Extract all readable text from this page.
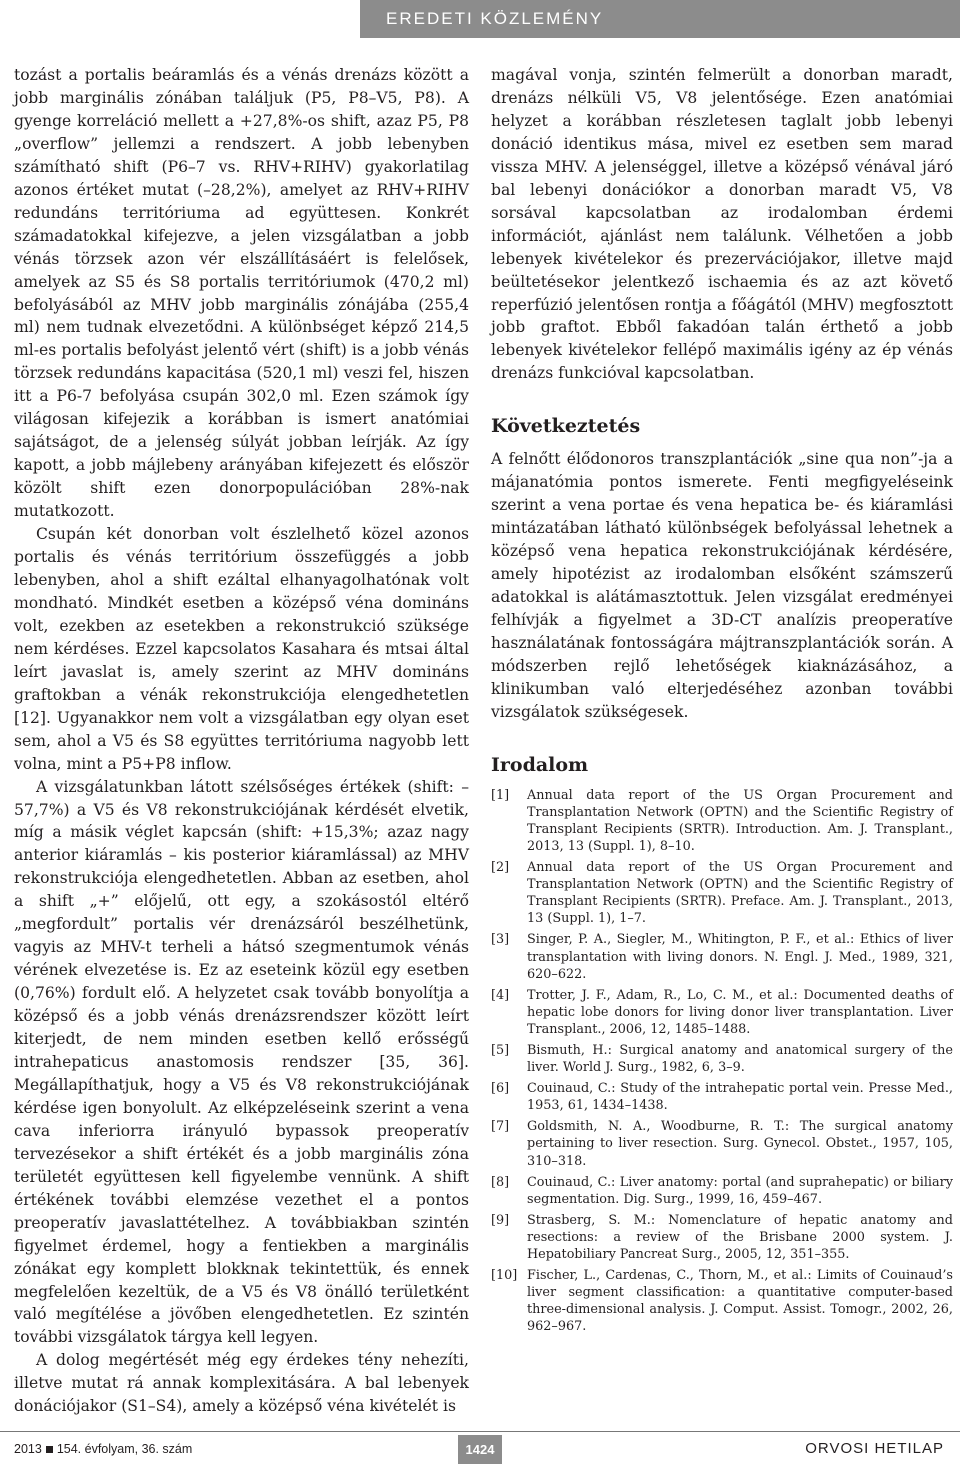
EREDETI KÖZLEMÉNY

tozást a portalis beáramlás és a vénás drenázs között a jobb marginális zónában találjuk (P5, P8–V5, P8). A gyenge korreláció mellett a +27,8%-os shift, azaz P5, P8 „overflow” jellemzi a rendszert. A jobb lebenyben számítható shift (P6–7 vs. RHV+RIHV) gyakorlatilag azonos értéket mutat (–28,2%), amelyet az RHV+RIHV redundáns territóriuma ad együttesen. Konkrét számadatokkal kifejezve, a jelen vizsgálatban a jobb vénás törzsek azon vér elszállításáért is felelősek, amelyek az S5 és S8 portalis territóriumok (470,2 ml) befolyásából az MHV jobb marginális zónájába (255,4 ml) nem tudnak elvezetődni. A különbséget képző 214,5 ml-es portalis befolyást jelentő vért (shift) is a jobb vénás törzsek redundáns kapacitása (520,1 ml) veszi fel, hiszen itt a P6-7 befolyása csupán 302,0 ml. Ezen számok így világosan kifejezik a korábban is ismert anatómiai sajátságot, de a jelenség súlyát jobban leírják. Az így kapott, a jobb májlebeny arányában kifejezett és először közölt shift ezen donorpopulációban 28%-nak mutatkozott.

Csupán két donorban volt észlelhető közel azonos portalis és vénás territórium összefüggés a jobb lebenyben, ahol a shift ezáltal elhanyagolhatónak volt mondható. Mindkét esetben a középső véna domináns volt, ezekben az esetekben a rekonstrukció szüksége nem kérdéses. Ezzel kapcsolatos Kasahara és mtsai által leírt javaslat is, amely szerint az MHV domináns graftokban a vénák rekonstrukciója elengedhetetlen [12]. Ugyanakkor nem volt a vizsgálatban egy olyan eset sem, ahol a V5 és S8 együttes territóriuma nagyobb lett volna, mint a P5+P8 inflow.

A vizsgálatunkban látott szélsőséges értékek (shift: –57,7%) a V5 és V8 rekonstrukciójának kérdését elvetik, míg a másik véglet kapcsán (shift: +15,3%; azaz nagy anterior kiáramlás – kis posterior kiáramlással) az MHV rekonstrukciója elengedhetetlen. Abban az esetben, ahol a shift „+” előjelű, ott egy, a szokásostól eltérő „megfordult” portalis vér drenázsáról beszélhetünk, vagyis az MHV-t terheli a hátsó szegmentumok vénás vérének elvezetése is. Ez az eseteink közül egy esetben (0,76%) fordult elő. A helyzetet csak tovább bonyolítja a középső és a jobb vénás drenázsrendszer között leírt kiterjedt, de nem minden esetben kellő erősségű intrahepaticus anastomosis rendszer [35, 36]. Megállapíthatjuk, hogy a V5 és V8 rekonstrukciójának kérdése igen bonyolult. Az elképzeléseink szerint a vena cava inferiorra irányuló bypassok preoperatív tervezésekor a shift értékét és a jobb marginális zóna területét együttesen kell figyelembe vennünk. A shift értékének további elemzése vezethet el a pontos preoperatív javaslattételhez. A továbbiakban szintén figyelmet érdemel, hogy a fentiekben a marginális zónákat egy komplett blokknak tekintettük, és ennek megfelelően kezeltük, de a V5 és V8 önálló területként való megítélése a jövőben elengedhetetlen. Ez szintén további vizsgálatok tárgya kell legyen.

A dolog megértését még egy érdekes tény nehezíti, illetve mutat rá annak komplexitására. A bal lebenyek donációjakor (S1–S4), amely a középső véna kivételét is

magával vonja, szintén felmerült a donorban maradt, drenázs nélküli V5, V8 jelentősége. Ezen anatómiai helyzet a korábban részletesen taglalt jobb lebenyi donáció identikus mása, mivel ez esetben sem marad vissza MHV. A jelenséggel, illetve a középső vénával járó bal lebenyi donációkor a donorban maradt V5, V8 sorsával kapcsolatban az irodalomban érdemi információt, ajánlást nem találunk. Vélhetően a jobb lebenyek kivételekor és prezervációjakor, illetve majd beültetésekor jelentkező ischaemia és az azt követő reperfúzió jelentősen rontja a főágától (MHV) megfosztott jobb graftot. Ebből fakadóan talán érthető a jobb lebenyek kivételekor fellépő maximális igény az ép vénás drenázs funkcióval kapcsolatban.

Következtetés

A felnőtt élődonoros transzplantációk „sine qua non”-ja a májanatómia pontos ismerete. Fenti megfigyeléseink szerint a vena portae és vena hepatica be- és kiáramlási mintázatában látható különbségek befolyással lehetnek a középső vena hepatica rekonstrukciójának kérdésére, amely hipotézist az irodalomban elsőként számszerű adatokkal is alátámasztottuk. Jelen vizsgálat eredményei felhívják a figyelmet a 3D-CT analízis preoperatíve használatának fontosságára májtranszplantációk során. A módszerben rejlő lehetőségek kiaknázásához, a klinikumban való elterjedéséhez azonban további vizsgálatok szükségesek.

Irodalom
[1]	Annual data report of the US Organ Procurement and Transplantation Network (OPTN) and the Scientific Registry of Transplant Recipients (SRTR). Introduction. Am. J. Transplant., 2013, 13 (Suppl. 1), 8–10.
[2]	Annual data report of the US Organ Procurement and Transplantation Network (OPTN) and the Scientific Registry of Transplant Recipients (SRTR). Preface. Am. J. Transplant., 2013, 13 (Suppl. 1), 1–7.
[3]	Singer, P. A., Siegler, M., Whitington, P. F., et al.: Ethics of liver transplantation with living donors. N. Engl. J. Med., 1989, 321, 620–622.
[4]	Trotter, J. F., Adam, R., Lo, C. M., et al.: Documented deaths of hepatic lobe donors for living donor liver transplantation. Liver Transplant., 2006, 12, 1485–1488.
[5]	Bismuth, H.: Surgical anatomy and anatomical surgery of the liver. World J. Surg., 1982, 6, 3–9.
[6]	Couinaud, C.: Study of the intrahepatic portal vein. Presse Med., 1953, 61, 1434–1438.
[7]	Goldsmith, N. A., Woodburne, R. T.: The surgical anatomy pertaining to liver resection. Surg. Gynecol. Obstet., 1957, 105, 310–318.
[8]	Couinaud, C.: Liver anatomy: portal (and suprahepatic) or biliary segmentation. Dig. Surg., 1999, 16, 459–467.
[9]	Strasberg, S. M.: Nomenclature of hepatic anatomy and resections: a review of the Brisbane 2000 system. J. Hepatobiliary Pancreat Surg., 2005, 12, 351–355.
[10] Fischer, L., Cardenas, C., Thorn, M., et al.: Limits of Couinaud’s liver segment classification: a quantitative computer-based three-dimensional analysis. J. Comput. Assist. Tomogr., 2002, 26, 962–967.
2013 154. évfolyam, 36. szám	1424	ORVOSI HETILAP
